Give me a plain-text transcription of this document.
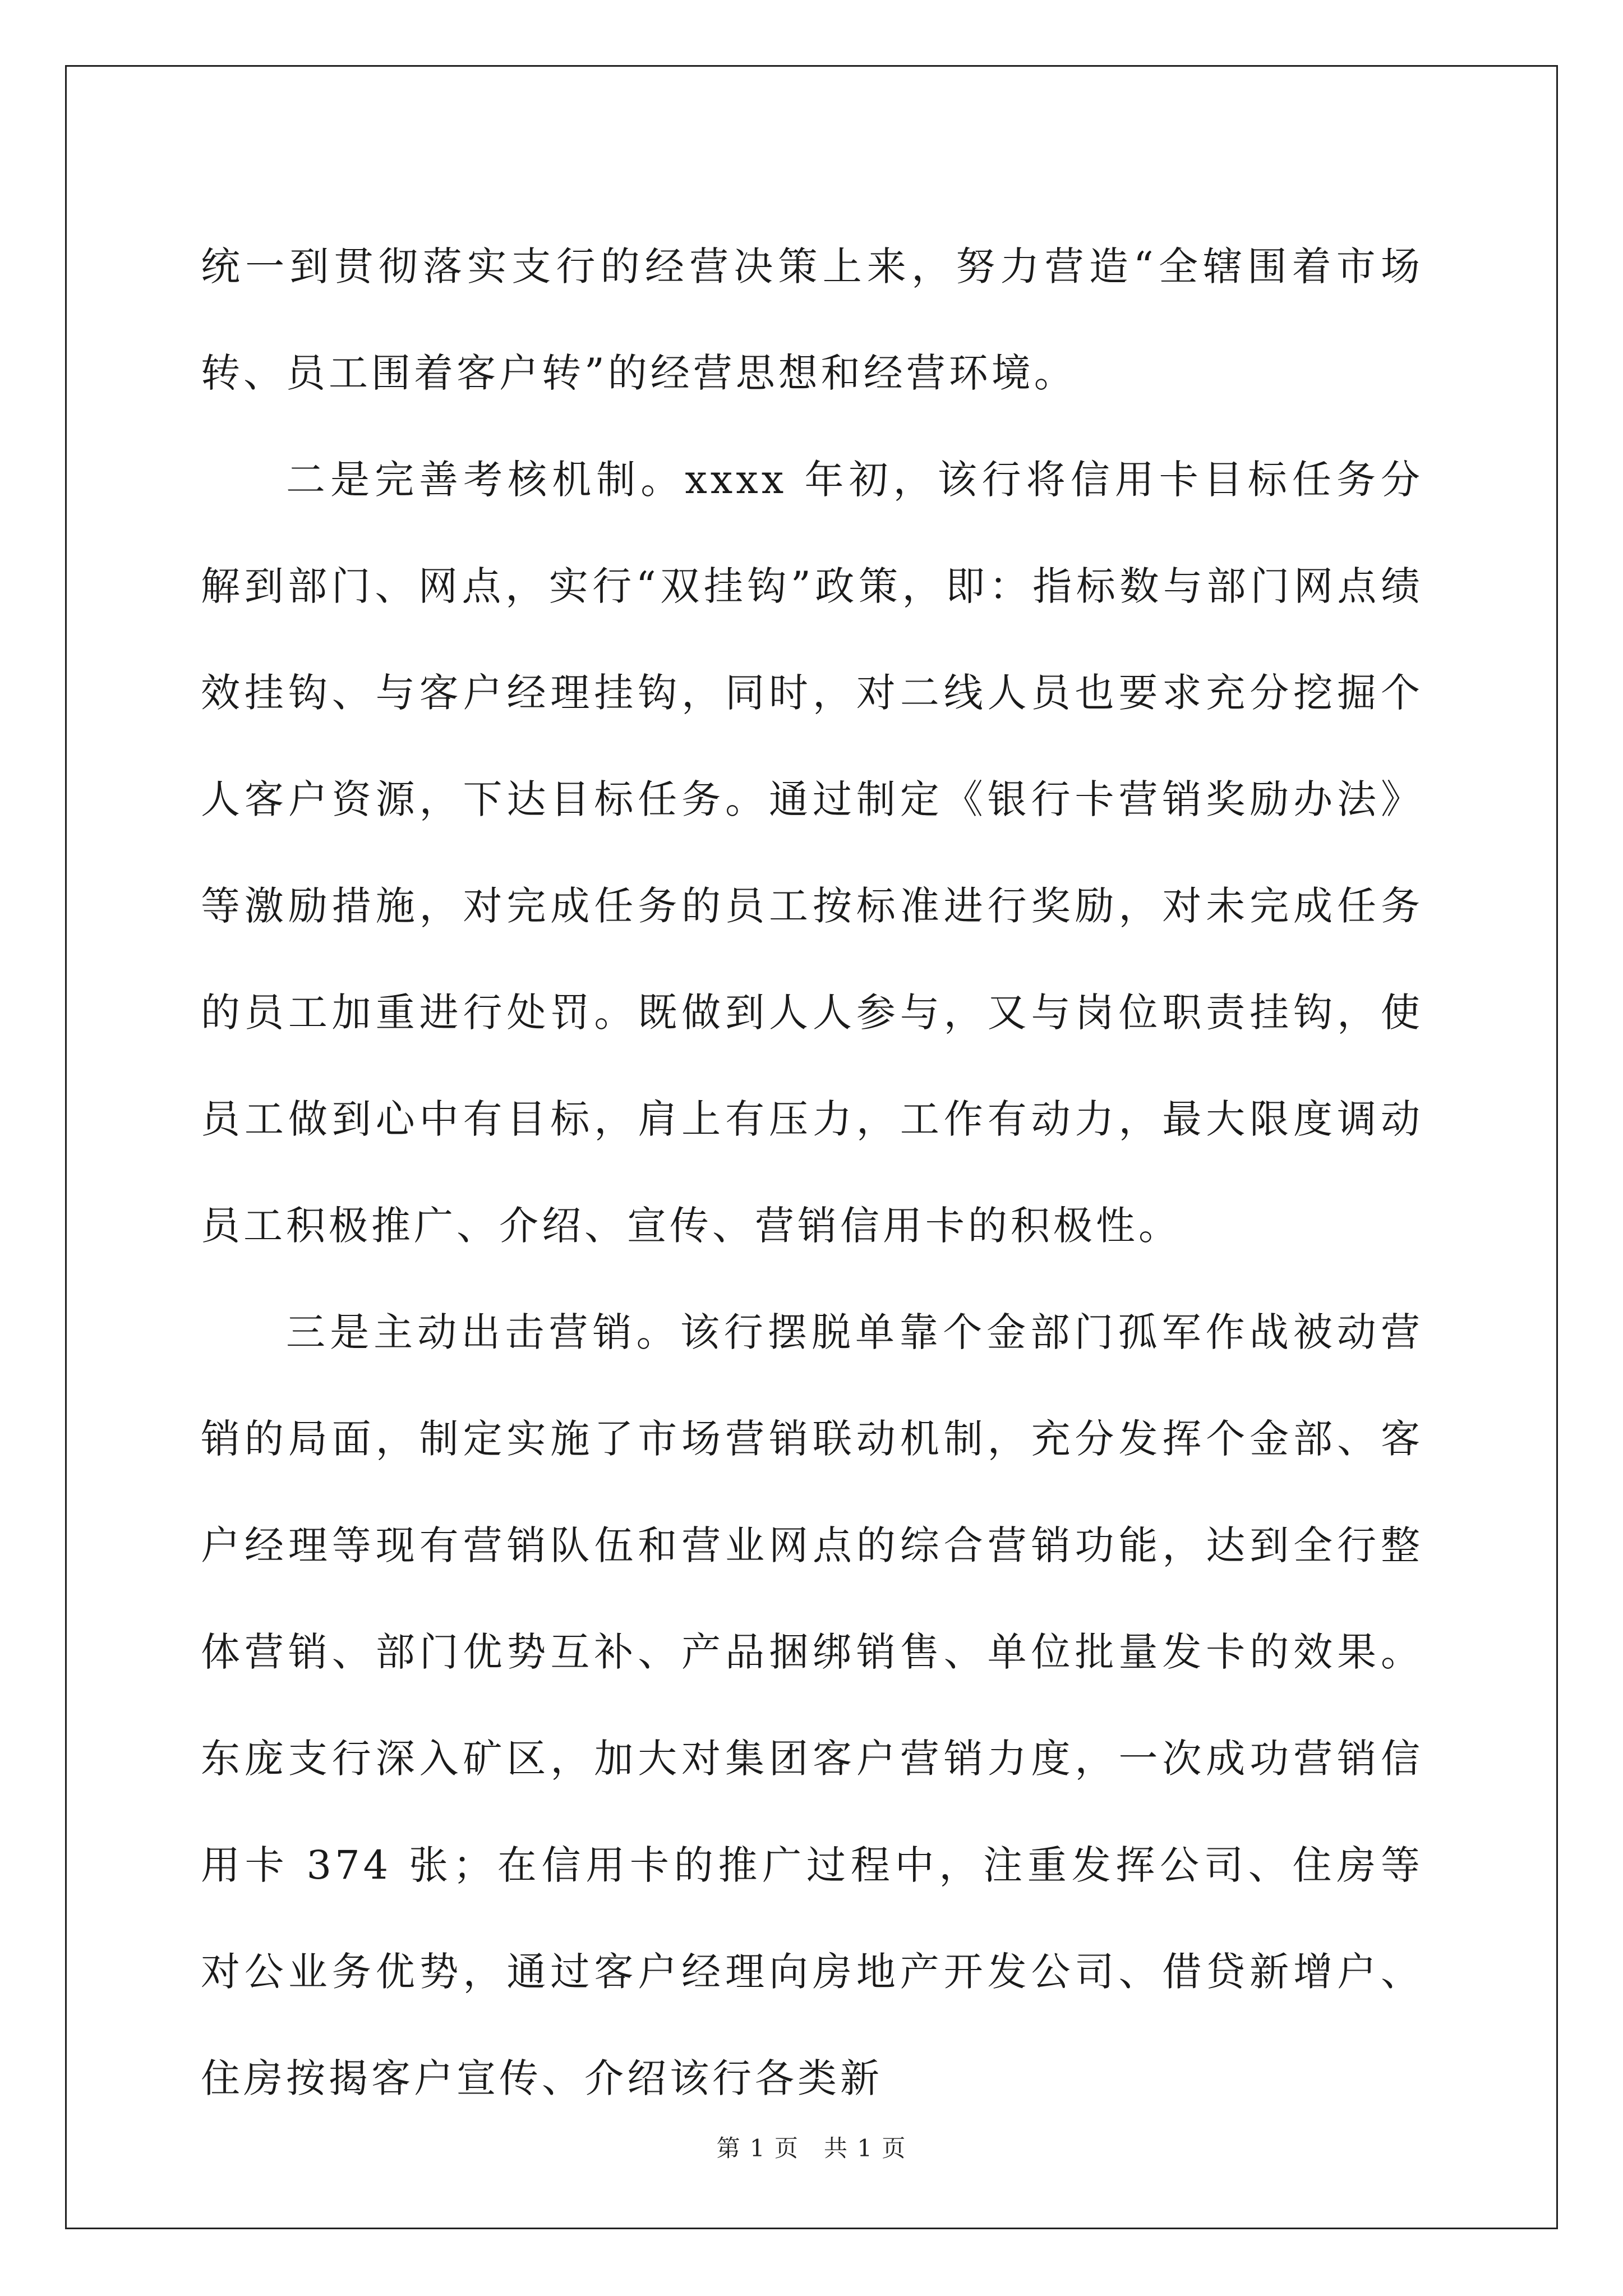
统一到贯彻落实支行的经营决策上来，努力营造“全辖围着市场转、员工围着客户转”的经营思想和经营环境。

二是完善考核机制。xxxx 年初，该行将信用卡目标任务分解到部门、网点，实行“双挂钩”政策，即：指标数与部门网点绩效挂钩、与客户经理挂钩，同时，对二线人员也要求充分挖掘个人客户资源，下达目标任务。通过制定《银行卡营销奖励办法》等激励措施，对完成任务的员工按标准进行奖励，对未完成任务的员工加重进行处罚。既做到人人参与，又与岗位职责挂钩，使员工做到心中有目标，肩上有压力，工作有动力，最大限度调动员工积极推广、介绍、宣传、营销信用卡的积极性。

三是主动出击营销。该行摆脱单靠个金部门孤军作战被动营销的局面，制定实施了市场营销联动机制，充分发挥个金部、客户经理等现有营销队伍和营业网点的综合营销功能，达到全行整体营销、部门优势互补、产品捆绑销售、单位批量发卡的效果。东庞支行深入矿区，加大对集团客户营销力度，一次成功营销信用卡 374 张；在信用卡的推广过程中，注重发挥公司、住房等对公业务优势，通过客户经理向房地产开发公司、借贷新增户、住房按揭客户宣传、介绍该行各类新

第 1 页　共 1 页
